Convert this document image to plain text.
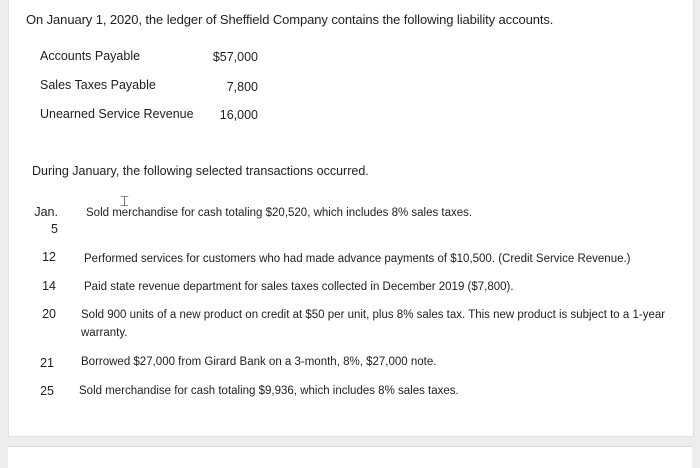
On January 1, 2020, the ledger of Sheffield Company contains the following liability accounts.
Accounts Payable	$57,000
Sales Taxes Payable	7,800
Unearned Service Revenue 16,000
During January, the following selected transactions occurred.
Jan.
5
Sold merchandise for cash totaling $20,520, which includes 8% sales taxes.
⌶
12 Performed services for customers who had made advance payments of $10,500. (Credit Service Revenue.)
14 Paid state revenue department for sales taxes collected in December 2019 ($7,800).
20 Sold 900 units of a new product on credit at $50 per unit, plus 8% sales tax. This new product is subject to a 1-year warranty.
21 Borrowed $27,000 from Girard Bank on a 3-month, 8%, $27,000 note.
25 Sold merchandise for cash totaling $9,936, which includes 8% sales taxes.
